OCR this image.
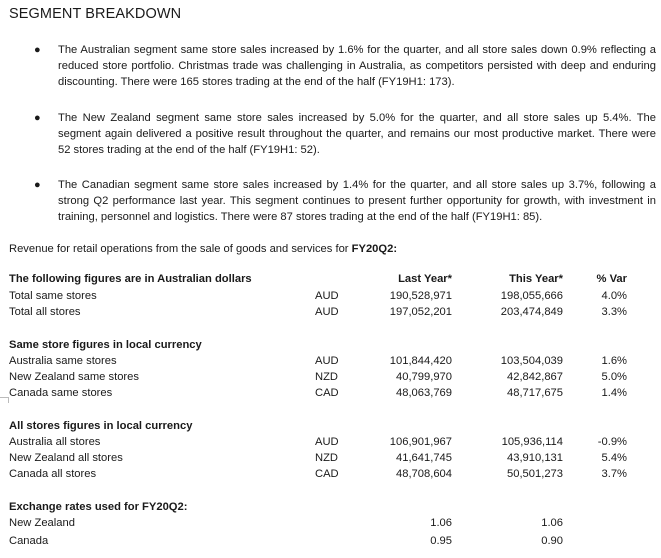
SEGMENT BREAKDOWN
● The Australian segment same store sales increased by 1.6% for the quarter, and all store sales down 0.9% reflecting a reduced store portfolio. Christmas trade was challenging in Australia, as competitors persisted with deep and enduring discounting. There were 165 stores trading at the end of the half (FY19H1: 173).
● The New Zealand segment same store sales increased by 5.0% for the quarter, and all store sales up 5.4%. The segment again delivered a positive result throughout the quarter, and remains our most productive market. There were 52 stores trading at the end of the half (FY19H1: 52).
● The Canadian segment same store sales increased by 1.4% for the quarter, and all store sales up 3.7%, following a strong Q2 performance last year. This segment continues to present further opportunity for growth, with investment in training, personnel and logistics. There were 87 stores trading at the end of the half (FY19H1: 85).
Revenue for retail operations from the sale of goods and services for FY20Q2:
The following figures are in Australian dollars	Last Year*	This Year*	% Var
Total same stores	AUD	190,528,971	198,055,666	4.0%
Total all stores	AUD	197,052,201	203,474,849	3.3%
Same store figures in local currency
Australia same stores	AUD	101,844,420	103,504,039	1.6%
New Zealand same stores	NZD	40,799,970	42,842,867	5.0%
Canada same stores	CAD	48,063,769	48,717,675	1.4%
All stores figures in local currency
Australia all stores	AUD	106,901,967	105,936,114	-0.9%
New Zealand all stores	NZD	41,641,745	43,910,131	5.4%
Canada all stores	CAD	48,708,604	50,501,273	3.7%
Exchange rates used for FY20Q2:
New Zealand	1.06	1.06
Canada	0.95	0.90
